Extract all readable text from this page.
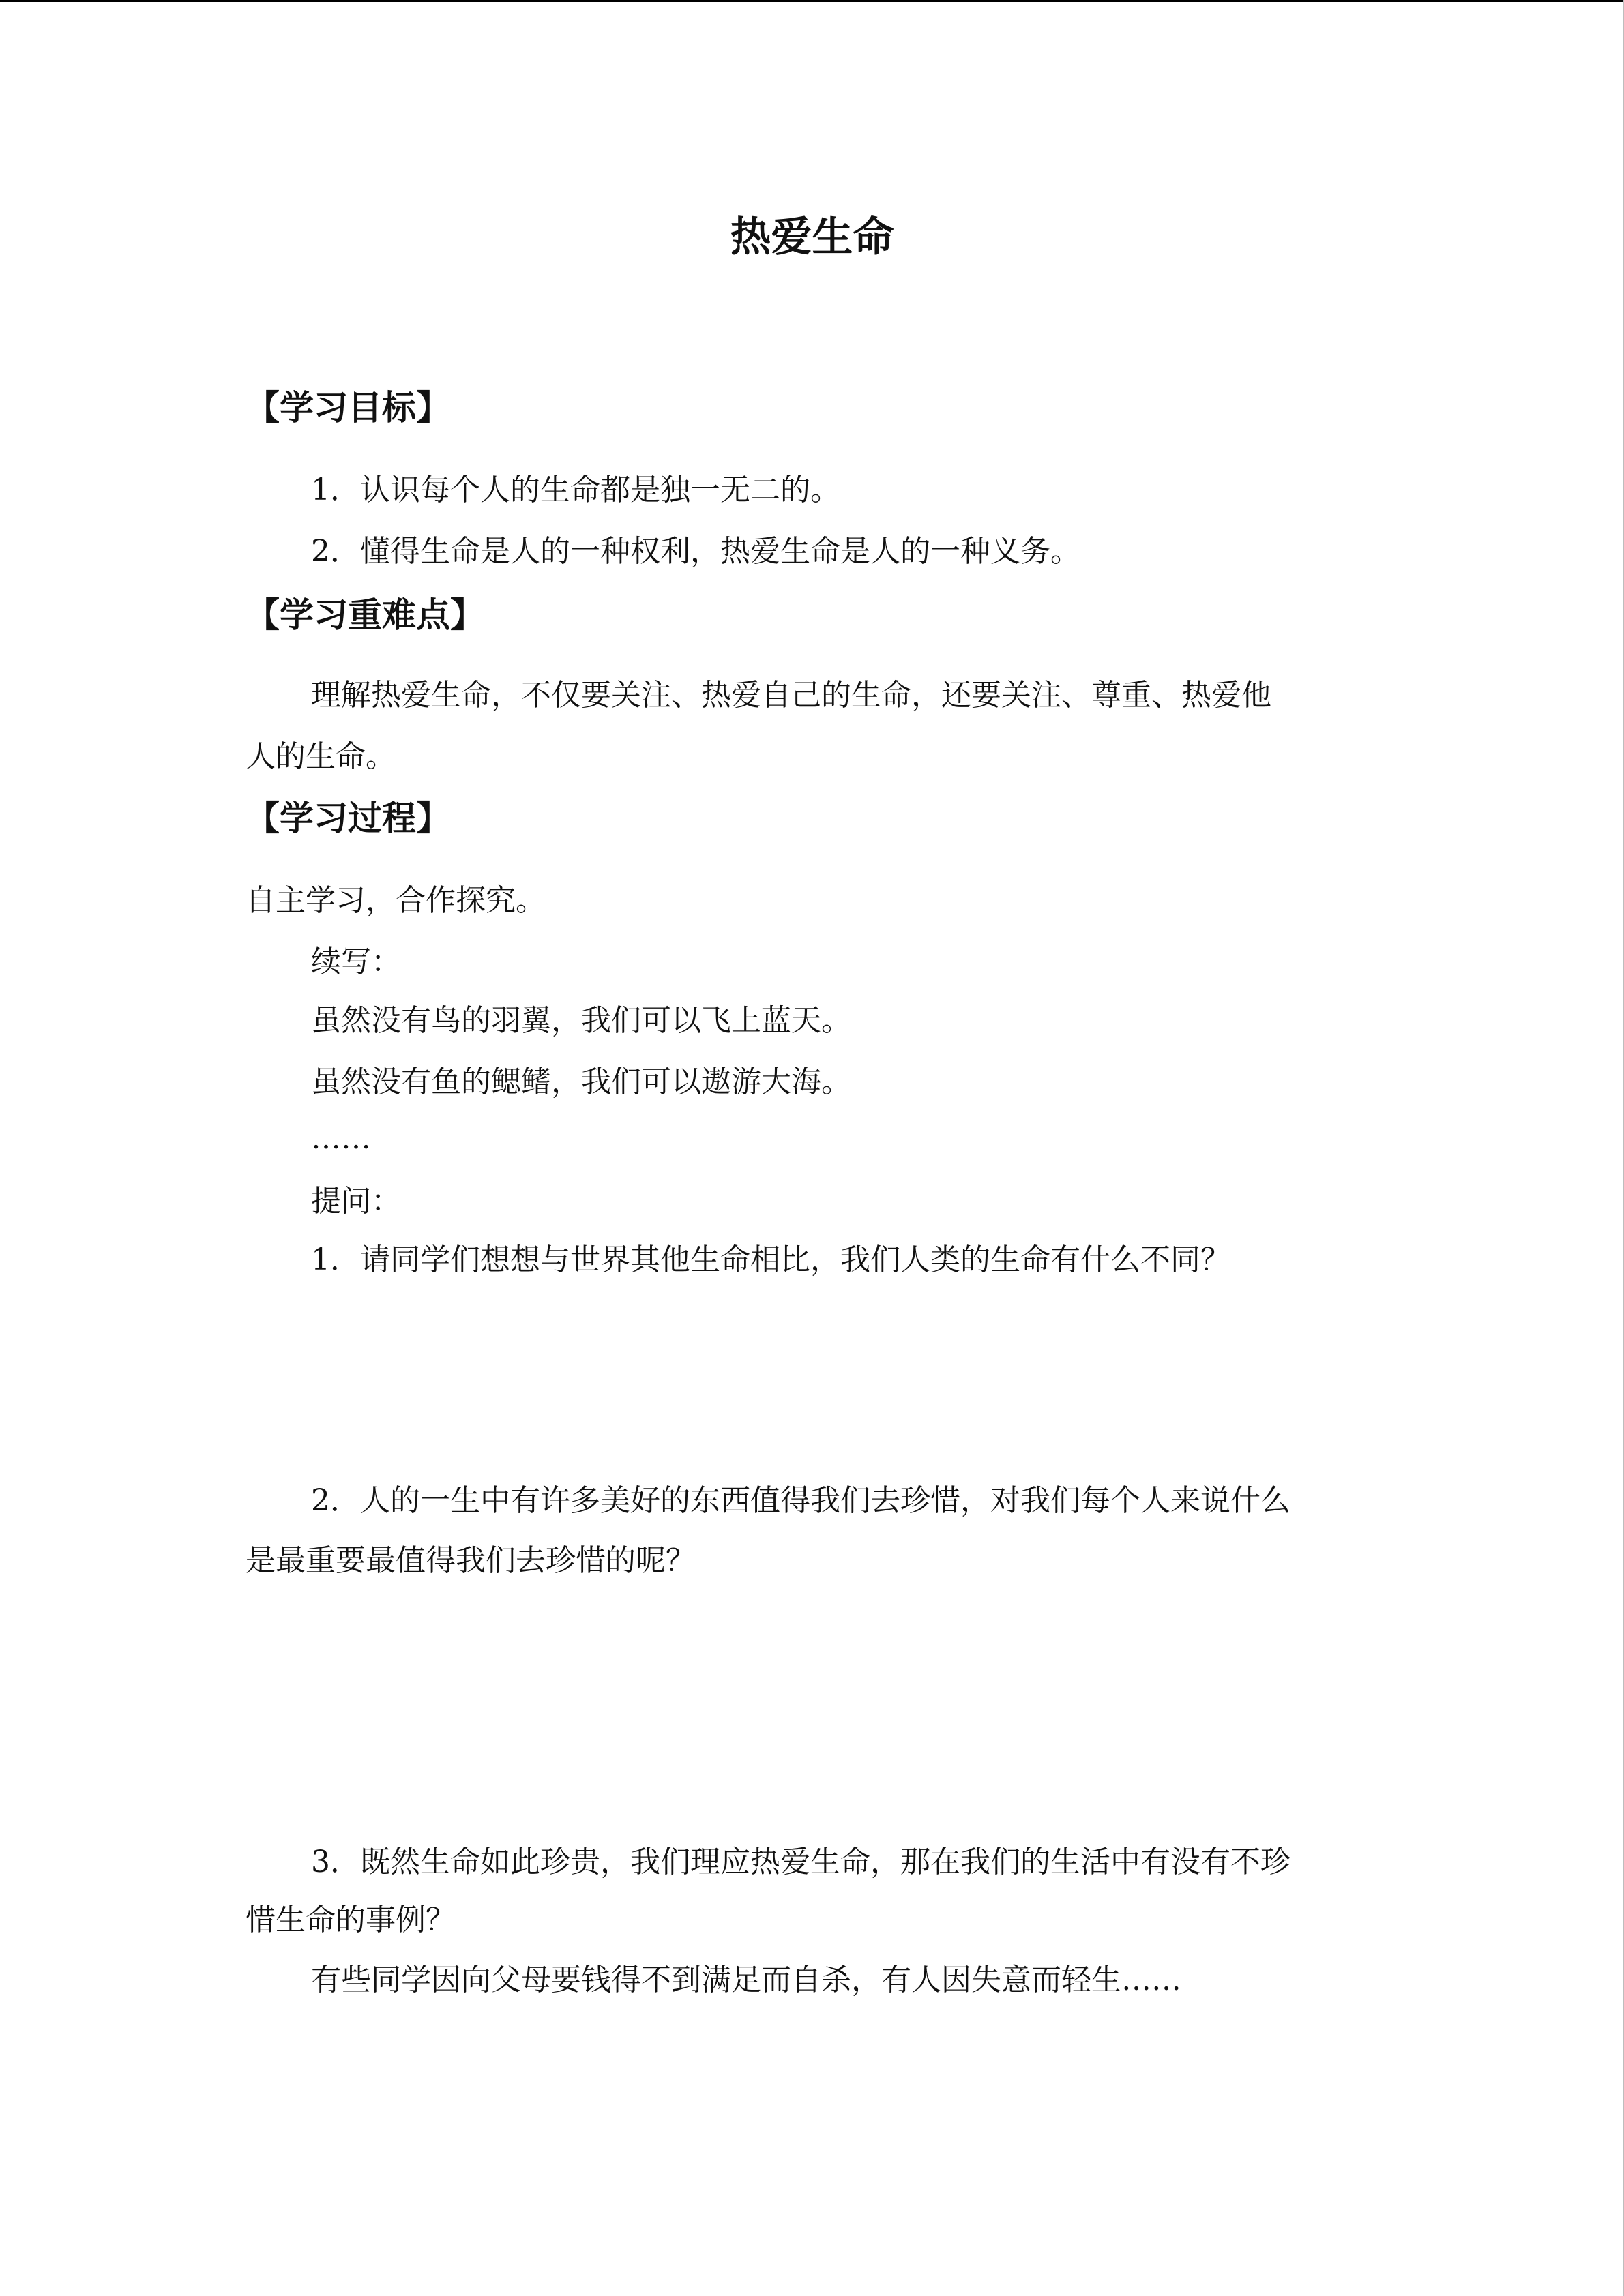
热爱生命
【学习目标】

1．认识每个人的生命都是独一无二的。

2．懂得生命是人的一种权利，热爱生命是人的一种义务。

【学习重难点】

理解热爱生命，不仅要关注、热爱自己的生命，还要关注、尊重、热爱他

人的生命。

【学习过程】

自主学习，合作探究。

续写：

虽然没有鸟的羽翼，我们可以飞上蓝天。

虽然没有鱼的鳃鳍，我们可以遨游大海。

……

提问：

1．请同学们想想与世界其他生命相比，我们人类的生命有什么不同？

2．人的一生中有许多美好的东西值得我们去珍惜，对我们每个人来说什么

是最重要最值得我们去珍惜的呢？

3．既然生命如此珍贵，我们理应热爱生命，那在我们的生活中有没有不珍

惜生命的事例？

有些同学因向父母要钱得不到满足而自杀，有人因失意而轻生……
